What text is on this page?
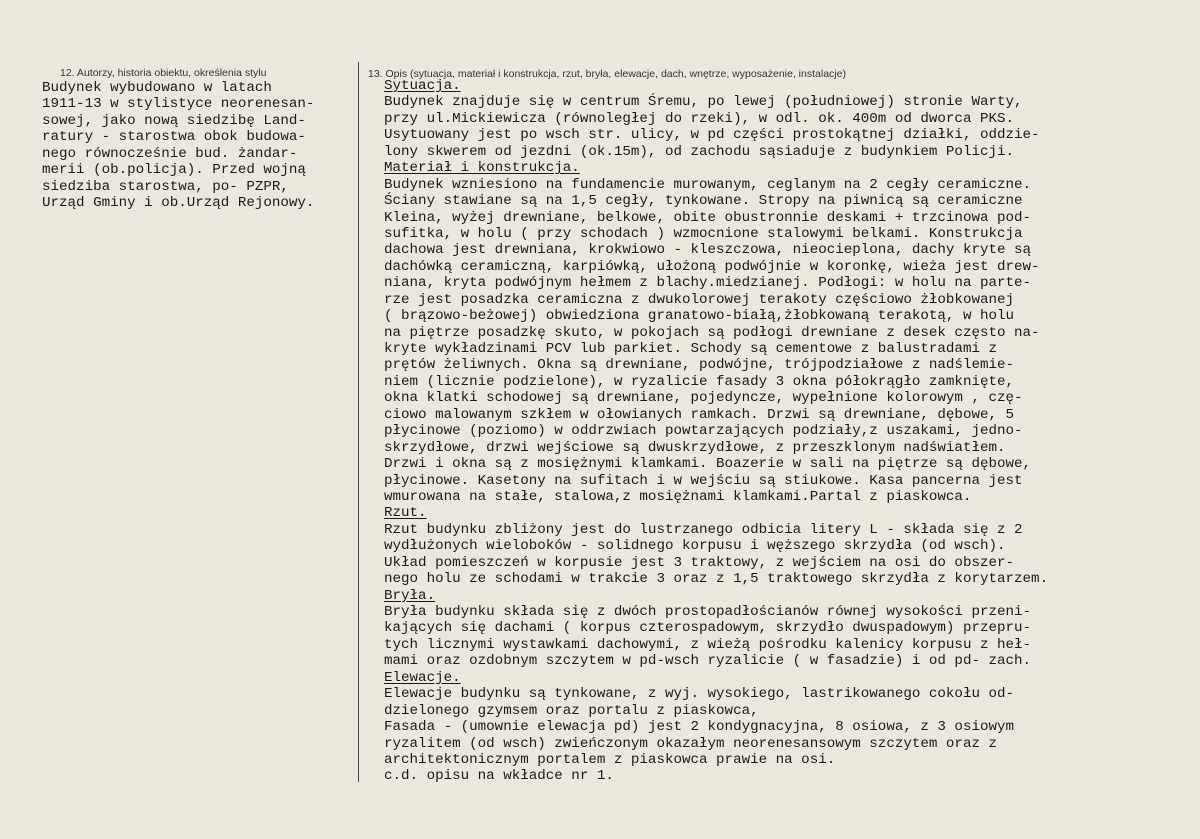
12. Autorzy, historia obiektu, określenia stylu	13. Opis (sytuacja, materiał i konstrukcja, rzut, bryła, elewacje, dach, wnętrze, wyposażenie, instalacje)
Budynek wybudowano w latach
1911-13 w stylistyce neorenesan-
sowej, jako nową siedzibę Land-
ratury - starostwa obok budowa-
nego równocześnie bud. żandar-
merii (ob.policja). Przed wojną
siedziba starostwa, po- PZPR,
Urząd Gminy i ob.Urząd Rejonowy.
Sytuacja.
Budynek znajduje się w centrum Śremu, po lewej (południowej) stronie Warty,
przy ul.Mickiewicza (równoległej do rzeki), w odl. ok. 400m od dworca PKS.
Usytuowany jest po wsch str. ulicy, w pd części prostokątnej działki, oddzie-
lony skwerem od jezdni (ok.15m), od zachodu sąsiaduje z budynkiem Policji.
Materiał i konstrukcja.
Budynek wzniesiono na fundamencie murowanym, ceglanym na 2 cegły ceramiczne.
Ściany stawiane są na 1,5 cegły, tynkowane. Stropy na piwnicą są ceramiczne
Kleina, wyżej drewniane, belkowe, obite obustronnie deskami + trzcinowa pod-
sufitka, w holu ( przy schodach ) wzmocnione stalowymi belkami. Konstrukcja
dachowa jest drewniana, krokwiowo - kleszczowa, nieocieplona, dachy kryte są
dachówką ceramiczną, karpiówką, ułożoną podwójnie w koronkę, wieża jest drew-
niana, kryta podwójnym hełmem z blachy.miedzianej. Podłogi: w holu na parte-
rze jest posadzka ceramiczna z dwukolorowej terakoty częściowo żłobkowanej
( brązowo-beżowej) obwiedziona granatowo-białą,żłobkowaną terakotą, w holu
na piętrze posadzkę skuto, w pokojach są podłogi drewniane z desek często na-
kryte wykładzinami PCV lub parkiet. Schody są cementowe z balustradami z
prętów żeliwnych. Okna są drewniane, podwójne, trójpodziałowe z nadślemie-
niem (licznie podzielone), w ryzalicie fasady 3 okna półokrągło zamknięte,
okna klatki schodowej są drewniane, pojedyncze, wypełnione kolorowym , czę-
ciowo malowanym szkłem w ołowianych ramkach. Drzwi są drewniane, dębowe, 5
płycinowe (poziomo) w oddrzwiach powtarzających podziały,z uszakami, jedno-
skrzydłowe, drzwi wejściowe są dwuskrzydłowe, z przeszklonym nadświatłem.
Drzwi i okna są z mosiężnymi klamkami. Boazerie w sali na piętrze są dębowe,
płycinowe. Kasetony na sufitach i w wejściu są stiukowe. Kasa pancerna jest
wmurowana na stałe, stalowa,z mosiężnami klamkami.Partal z piaskowca.
Rzut.
Rzut budynku zbliżony jest do lustrzanego odbicia litery L - składa się z 2
wydłużonych wieloboków - solidnego korpusu i węższego skrzydła (od wsch).
Układ pomieszczeń w korpusie jest 3 traktowy, z wejściem na osi do obszer-
nego holu ze schodami w trakcie 3 oraz z 1,5 traktowego skrzydła z korytarzem.
Bryła.
Bryła budynku składa się z dwóch prostopadłościanów równej wysokości przeni-
kających się dachami ( korpus czterospadowym, skrzydło dwuspadowym) przepru-
tych licznymi wystawkami dachowymi, z wieżą pośrodku kalenicy korpusu z heł-
mami oraz ozdobnym szczytem w pd-wsch ryzalicie ( w fasadzie) i od pd- zach.
Elewacje.
Elewacje budynku są tynkowane, z wyj. wysokiego, lastrikowanego cokołu od-
dzielonego gzymsem oraz portalu z piaskowca,
Fasada - (umownie elewacja pd) jest 2 kondygnacyjna, 8 osiowa, z 3 osiowym
ryzalitem (od wsch) zwieńczonym okazałym neorenesansowym szczytem oraz z
architektonicznym portalem z piaskowca prawie na osi.
c.d. opisu na wkładce nr 1.
